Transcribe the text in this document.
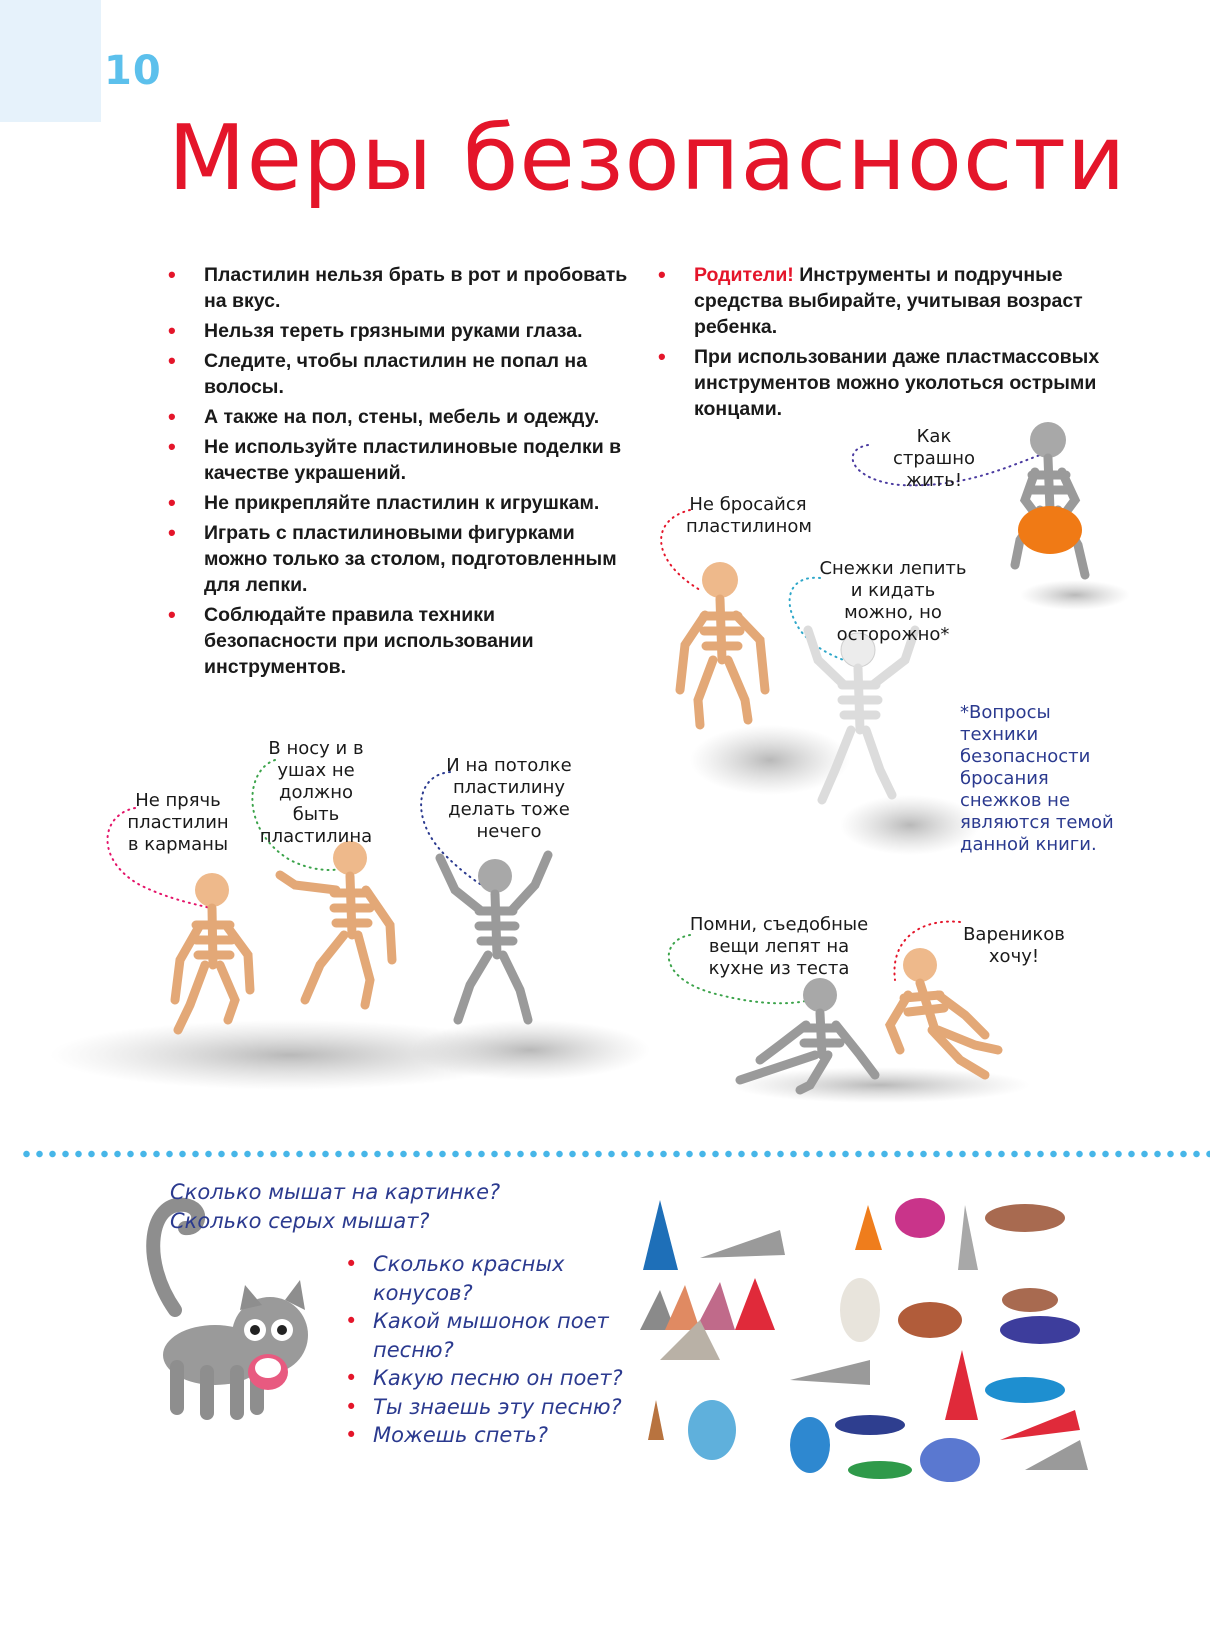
10
Меры безопасности
• Пластилин нельзя брать в рот и пробовать на вкус.
• Нельзя тереть грязными руками глаза.
• Следите, чтобы пластилин не попал на волосы.
• А также на пол, стены, мебель и одежду.
• Не используйте пластилиновые поделки в качестве украшений.
• Не прикрепляйте пластилин к игрушкам.
• Играть с пластилиновыми фигурками можно только за столом, подготовленным для лепки.
• Соблюдайте правила техники безопасности при использовании инструментов.
• Родители! Инструменты и подручные средства выбирайте, учитывая возраст ребенка.
• При использовании даже пластмассовых инструментов можно уколоться острыми концами.
Как страшно жить!
Не бросайся пластилином
Снежки лепить и кидать можно, но осторожно*
Не прячь пластилин в карманы
В носу и в ушах не должно быть пластилина
И на потолке пластилину делать тоже нечего
Помни, съедобные вещи лепят на кухне из теста
Вареников хочу!
*Вопросы техники безопасности бросания снежков не являются темой данной книги.
Сколько мышат на картинке?
Сколько серых мышат?
• Сколько красных конусов?
• Какой мышонок поет песню?
• Какую песню он поет?
• Ты знаешь эту песню?
• Можешь спеть?
